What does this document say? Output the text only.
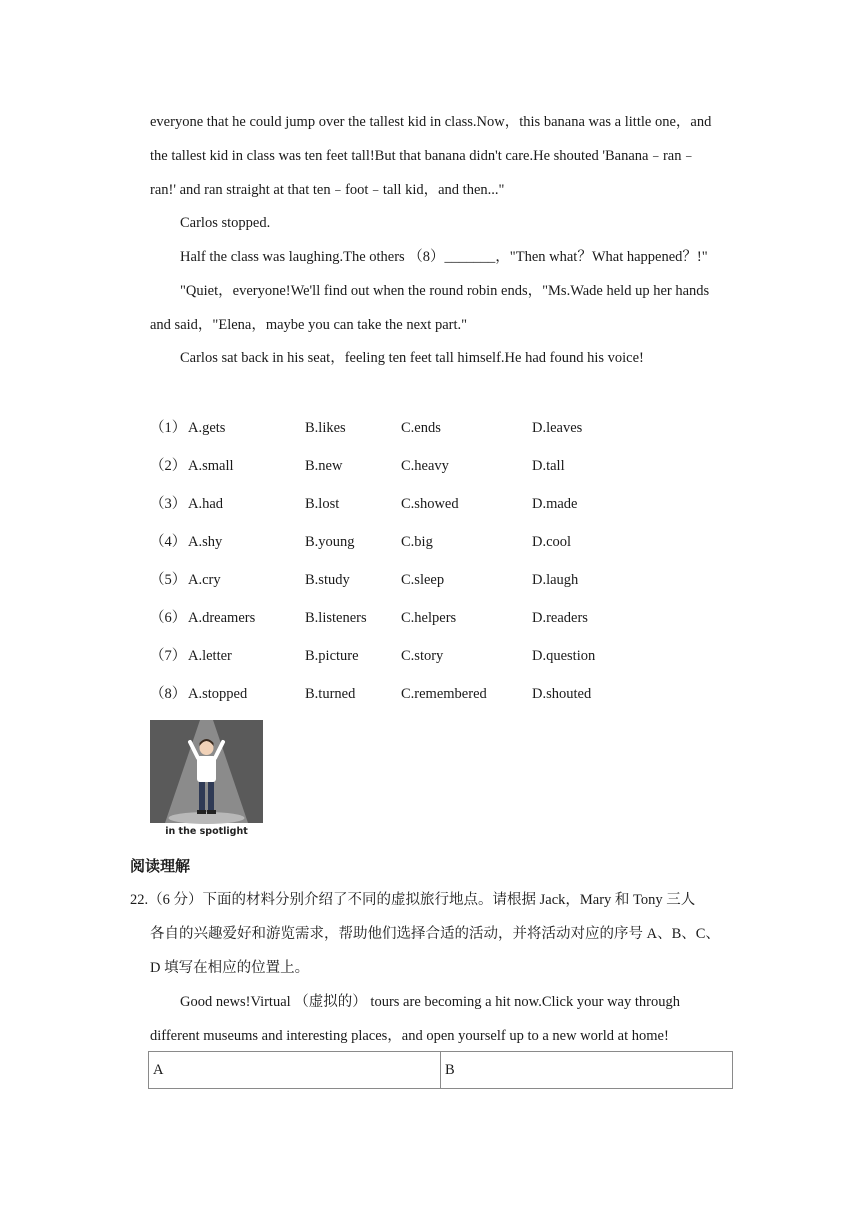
everyone that he could jump over the tallest kid in class.Now，this banana was a little one，and
the tallest kid in class was ten feet tall!But that banana didn't care.He shouted 'Banana﹣ran﹣
ran!' and ran straight at that ten﹣foot﹣tall kid，and then..."
Carlos stopped.
Half the class was laughing.The others （8）_______，"Then what？What happened？!"
"Quiet，everyone!We'll find out when the round robin ends，"Ms.Wade held up her hands
and said，"Elena，maybe you can take the next part."
Carlos sat back in his seat，feeling ten feet tall himself.He had found his voice!
（1） A.gets	B.likes	C.ends	D.leaves
（2） A.small	B.new	C.heavy	D.tall
（3） A.had	B.lost	C.showed	D.made
（4） A.shy	B.young	C.big	D.cool
（5） A.cry	B.study	C.sleep	D.laugh
（6） A.dreamers	B.listeners C.helpers	D.readers
（7） A.letter	B.picture	C.story	D.question
（8） A.stopped	B.turned	C.remembered	D.shouted
in the spotlight
阅读理解
22.（6 分）下面的材料分别介绍了不同的虚拟旅行地点。请根据 Jack，Mary 和 Tony 三人
各自的兴趣爱好和游览需求，帮助他们选择合适的活动，并将活动对应的序号 A、B、C、
D 填写在相应的位置上。
Good news!Virtual （虚拟的） tours are becoming a hit now.Click your way through
different museums and interesting places，and open yourself up to a new world at home!
A	B
